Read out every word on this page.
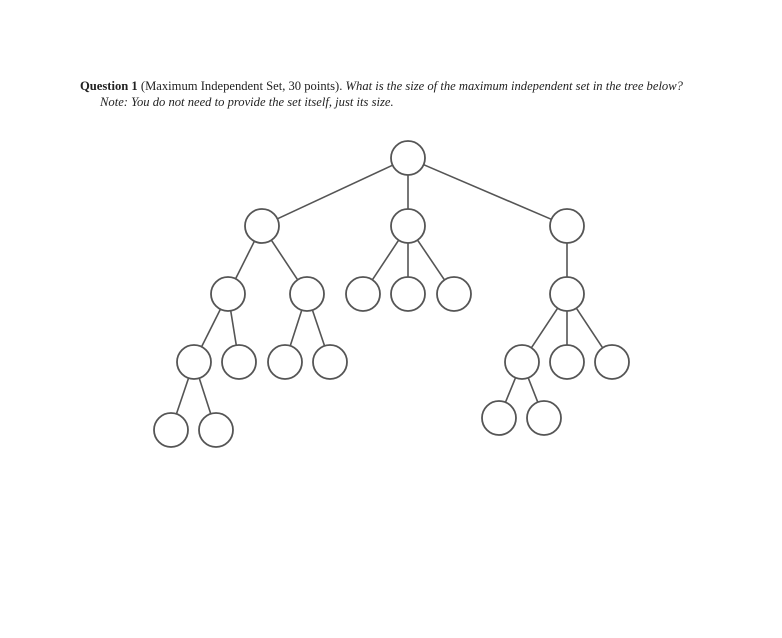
Question 1 (Maximum Independent Set, 30 points). What is the size of the maximum independent set in the tree below?
Note: You do not need to provide the set itself, just its size.
